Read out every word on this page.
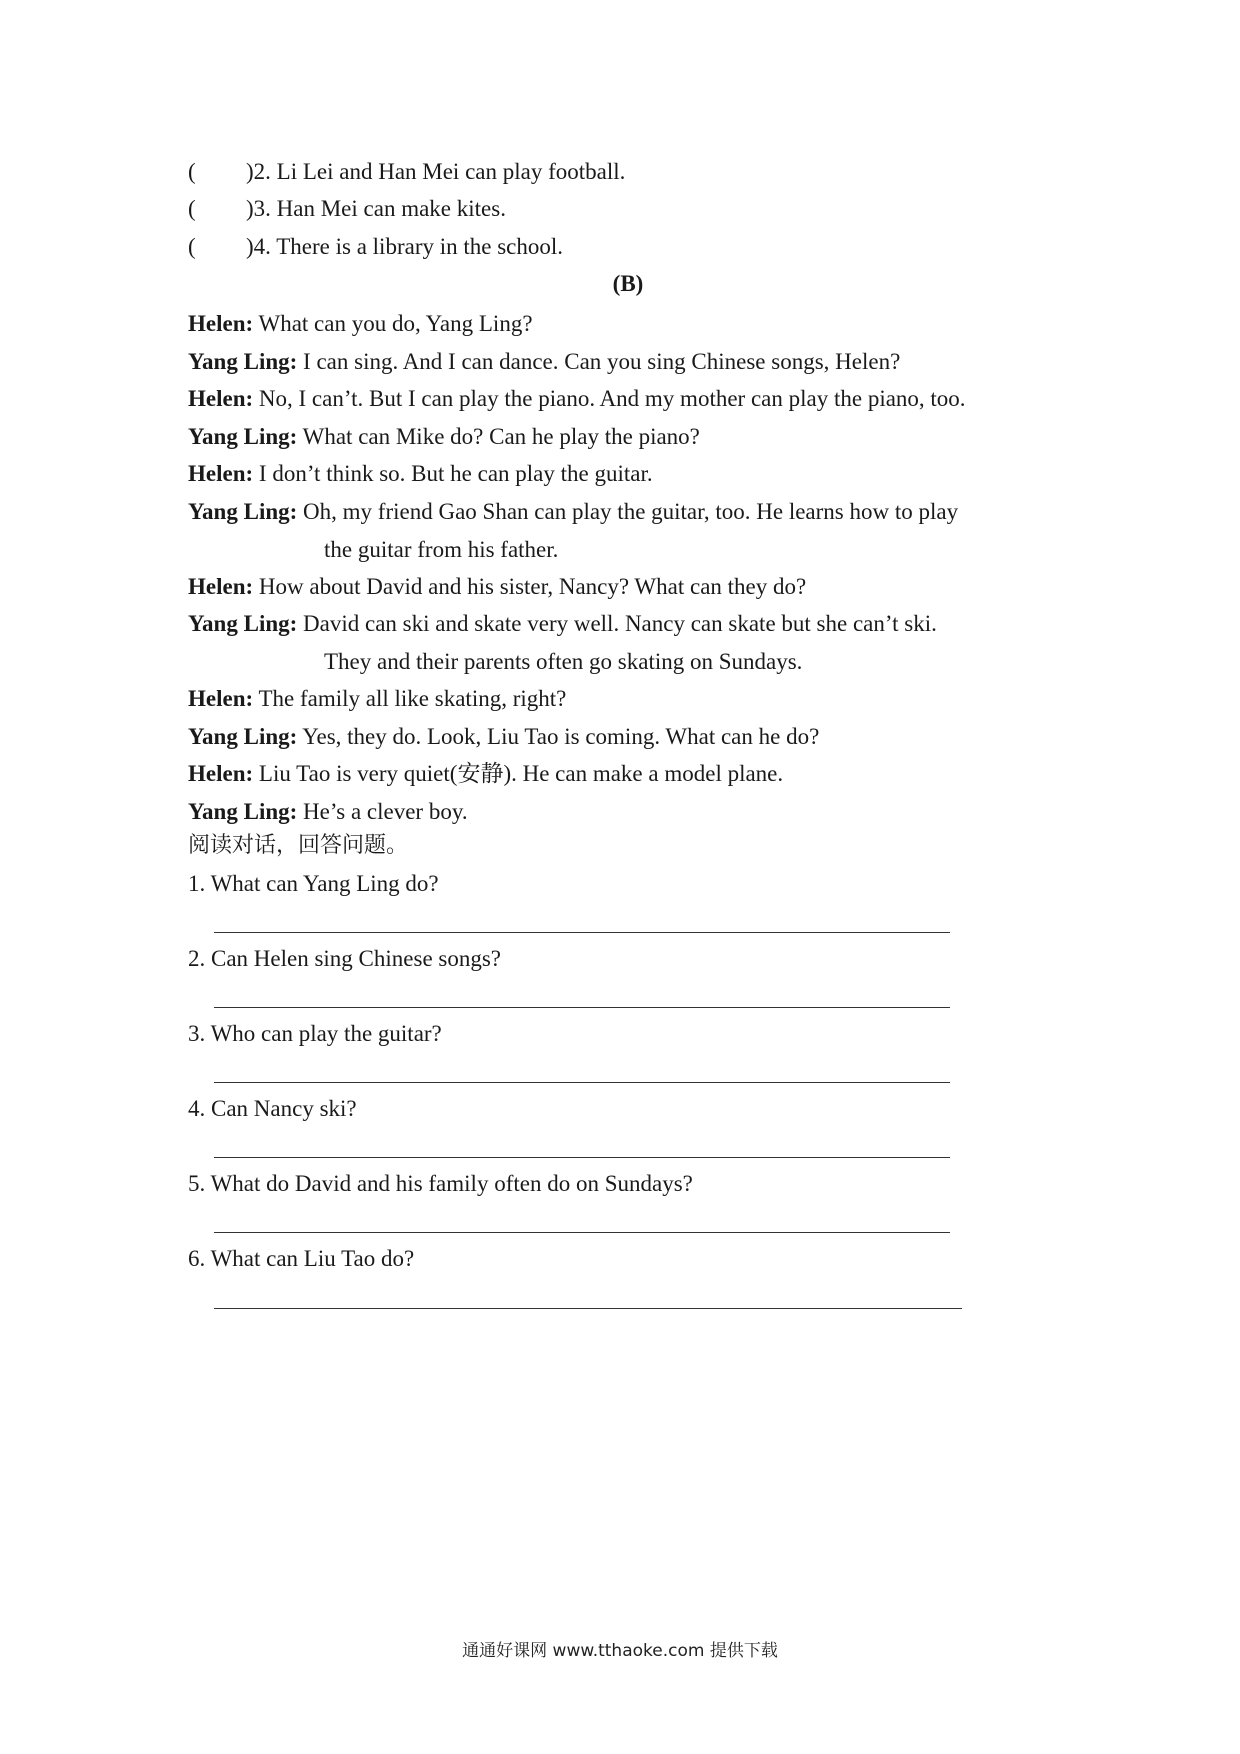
( )2. Li Lei and Han Mei can play football.
( )3. Han Mei can make kites.
( )4. There is a library in the school.
(B)
Helen: What can you do, Yang Ling?
Yang Ling: I can sing. And I can dance. Can you sing Chinese songs, Helen?
Helen: No, I can’t. But I can play the piano. And my mother can play the piano, too.
Yang Ling: What can Mike do? Can he play the piano?
Helen: I don’t think so. But he can play the guitar.
Yang Ling: Oh, my friend Gao Shan can play the guitar, too. He learns how to play
the guitar from his father.
Helen: How about David and his sister, Nancy? What can they do?
Yang Ling: David can ski and skate very well. Nancy can skate but she can’t ski.
They and their parents often go skating on Sundays.
Helen: The family all like skating, right?
Yang Ling: Yes, they do. Look, Liu Tao is coming. What can he do?
Helen: Liu Tao is very quiet(安静). He can make a model plane.
Yang Ling: He’s a clever boy.
阅读对话，回答问题。
1. What can Yang Ling do?
2. Can Helen sing Chinese songs?
3. Who can play the guitar?
4. Can Nancy ski?
5. What do David and his family often do on Sundays?
6. What can Liu Tao do?
通通好课网 www.tthaoke.com 提供下载
